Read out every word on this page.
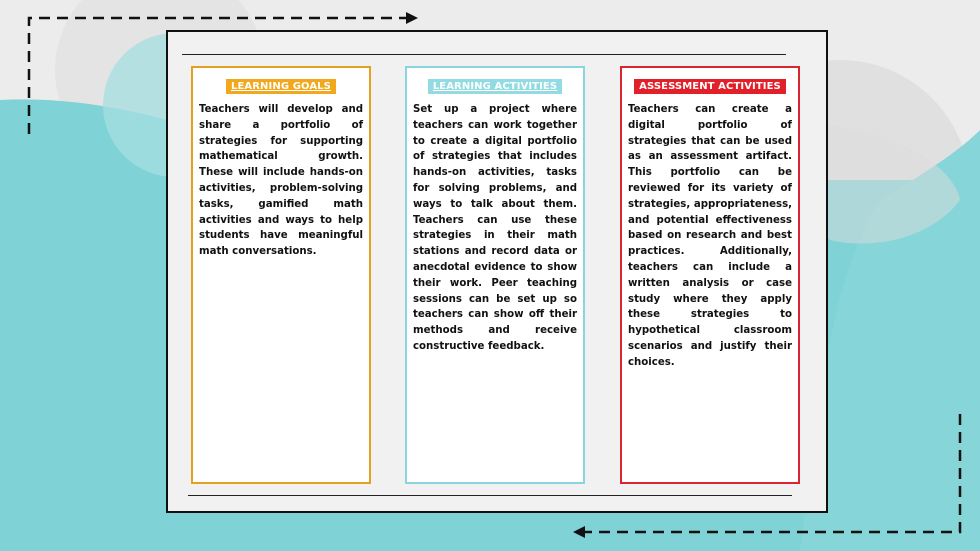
LEARNING GOALS

Teachers will develop and share a portfolio of strategies for supporting mathematical growth. These will include hands-on activities, problem-solving tasks, gamified math activities and ways to help students have meaningful math conversations.

LEARNING ACTIVITIES

Set up a project where teachers can work together to create a digital portfolio of strategies that includes hands-on activities, tasks for solving problems, and ways to talk about them. Teachers can use these strategies in their math stations and record data or anecdotal evidence to show their work. Peer teaching sessions can be set up so teachers can show off their methods and receive constructive feedback.

ASSESSMENT ACTIVITIES

Teachers can create a digital portfolio of strategies that can be used as an assessment artifact. This portfolio can be reviewed for its variety of strategies, appropriateness, and potential effectiveness based on research and best practices. Additionally, teachers can include a written analysis or case study where they apply these strategies to hypothetical classroom scenarios and justify their choices.
